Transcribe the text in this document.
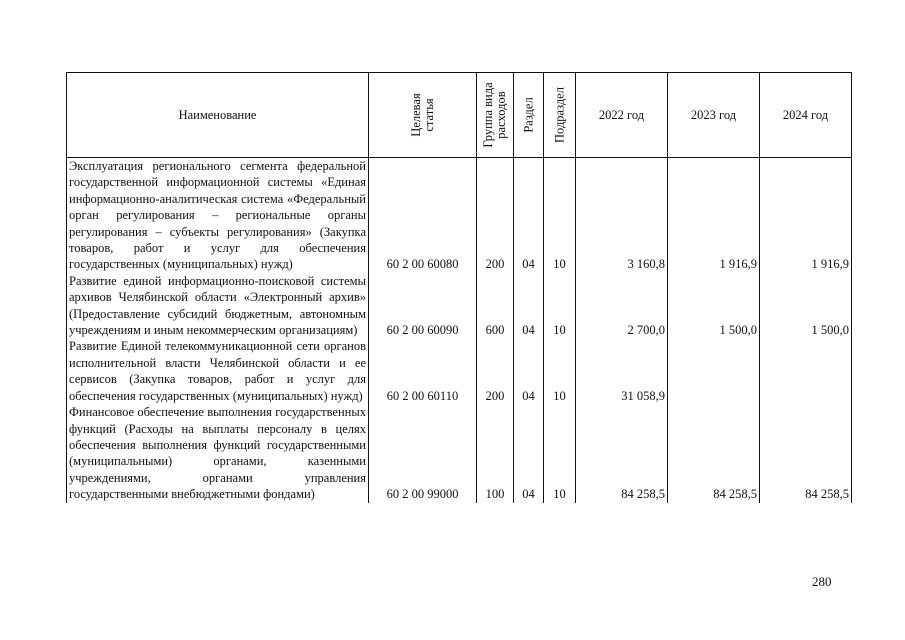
Наименование	Целевая статья	Группа вида расходов	Раздел	Подраздел	2022 год	2023 год	2024 год
Эксплуатация регионального сегмента федеральной государственной информационной системы «Единая информационно-аналитическая система «Федеральный орган регулирования – региональные органы регулирования – субъекты регулирования» (Закупка товаров, работ и услуг для обеспечения государственных (муниципальных) нужд)	60 2 00 60080	200	04	10	3 160,8	1 916,9	1 916,9
Развитие единой информационно-поисковой системы архивов Челябинской области «Электронный архив» (Предоставление субсидий бюджетным, автономным учреждениям и иным некоммерческим организациям)	60 2 00 60090	600	04	10	2 700,0	1 500,0	1 500,0
Развитие Единой телекоммуникационной сети органов исполнительной власти Челябинской области и ее сервисов (Закупка товаров, работ и услуг для обеспечения государственных (муниципальных) нужд)	60 2 00 60110	200	04	10	31 058,9		
Финансовое обеспечение выполнения государственных функций (Расходы на выплаты персоналу в целях обеспечения выполнения функций государственными (муниципальными) органами, казенными учреждениями, органами управления государственными внебюджетными фондами)	60 2 00 99000	100	04	10	84 258,5	84 258,5	84 258,5
280
